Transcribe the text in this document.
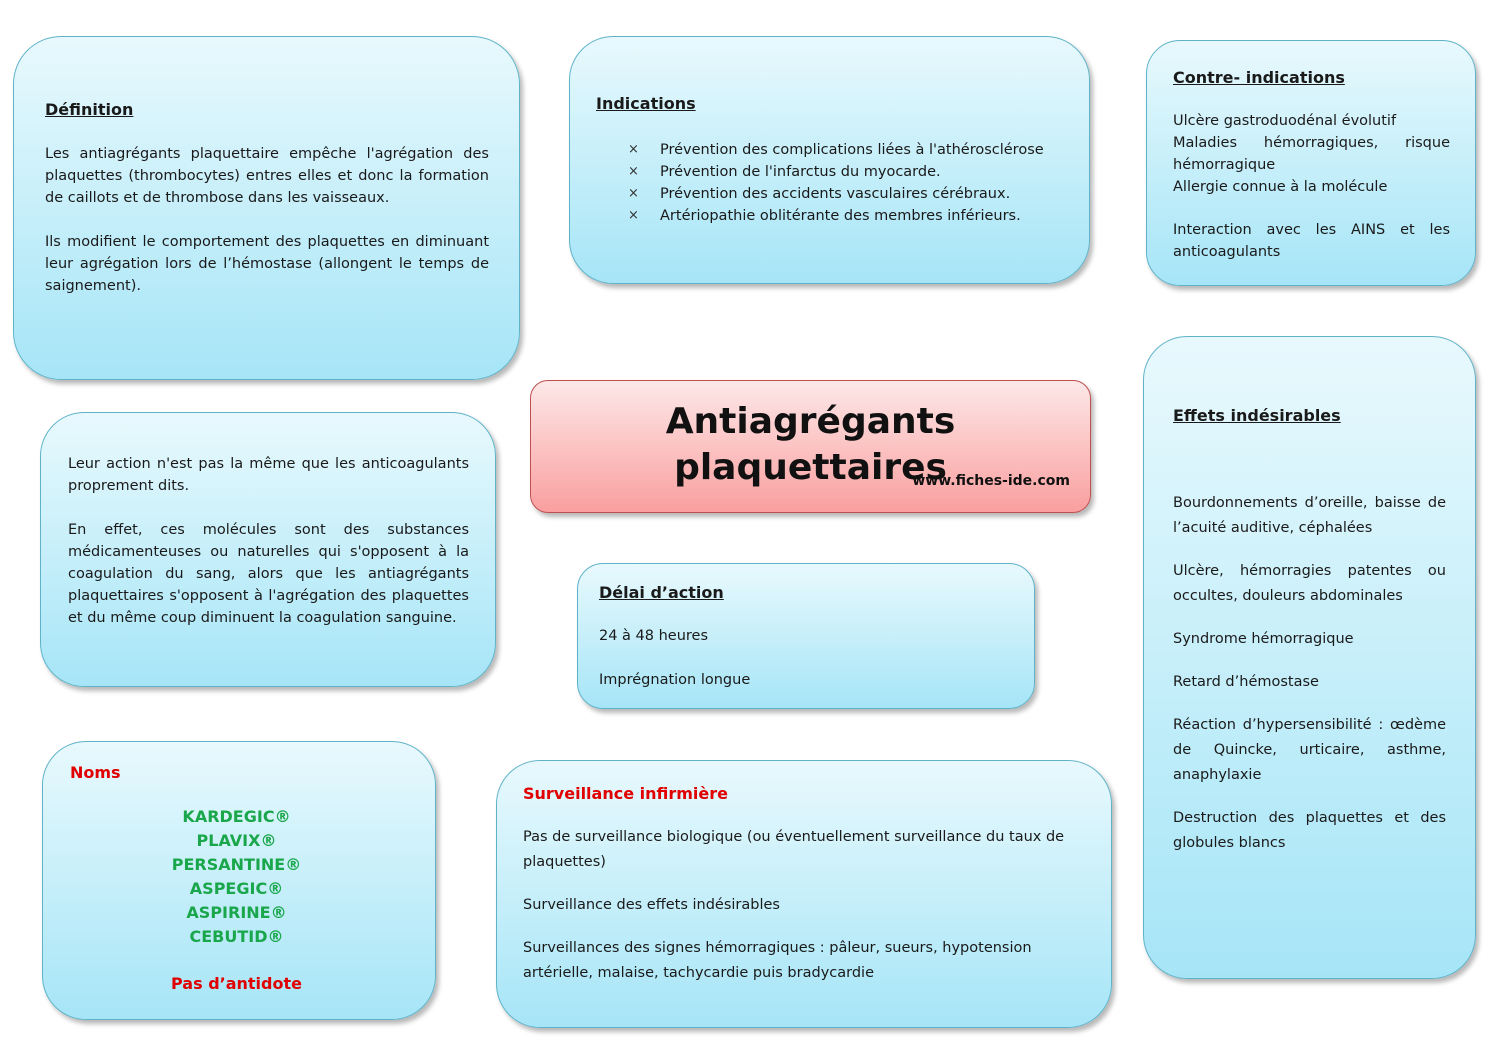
Définition

Les antiagrégants plaquettaire empêche l'agrégation des plaquettes (thrombocytes) entres elles et donc la formation de caillots et de thrombose dans les vaisseaux.

Ils modifient le comportement des plaquettes en diminuant leur agrégation lors de l’hémostase (allongent le temps de saignement).

Leur action n'est pas la même que les anticoagulants proprement dits.

En effet, ces molécules sont des substances médicamenteuses ou naturelles qui s'opposent à la coagulation du sang, alors que les antiagrégants plaquettaires s'opposent à l'agrégation des plaquettes et du même coup diminuent la coagulation sanguine.

Noms

KARDEGIC®
PLAVIX®
PERSANTINE®
ASPEGIC®
ASPIRINE®
CEBUTID®
Pas d’antidote

Indications

× Prévention des complications liées à l'athérosclérose
× Prévention de l'infarctus du myocarde.
× Prévention des accidents vasculaires cérébraux.
× Artériopathie oblitérante des membres inférieurs.
Antiagrégants plaquettaires
www.fiches-ide.com

Délai d’action

24 à 48 heures

Imprégnation longue

Surveillance infirmière

Pas de surveillance biologique (ou éventuellement surveillance du taux de plaquettes)

Surveillance des effets indésirables

Surveillances des signes hémorragiques : pâleur, sueurs, hypotension artérielle, malaise, tachycardie puis bradycardie

Contre- indications

Ulcère gastroduodénal évolutif

Maladies hémorragiques, risque hémorragique

Allergie connue à la molécule

Interaction avec les AINS et les anticoagulants

Effets indésirables

Bourdonnements d’oreille, baisse de l’acuité auditive, céphalées

Ulcère, hémorragies patentes ou occultes, douleurs abdominales

Syndrome hémorragique

Retard d’hémostase

Réaction d’hypersensibilité : œdème de Quincke, urticaire, asthme, anaphylaxie

Destruction des plaquettes et des globules blancs
